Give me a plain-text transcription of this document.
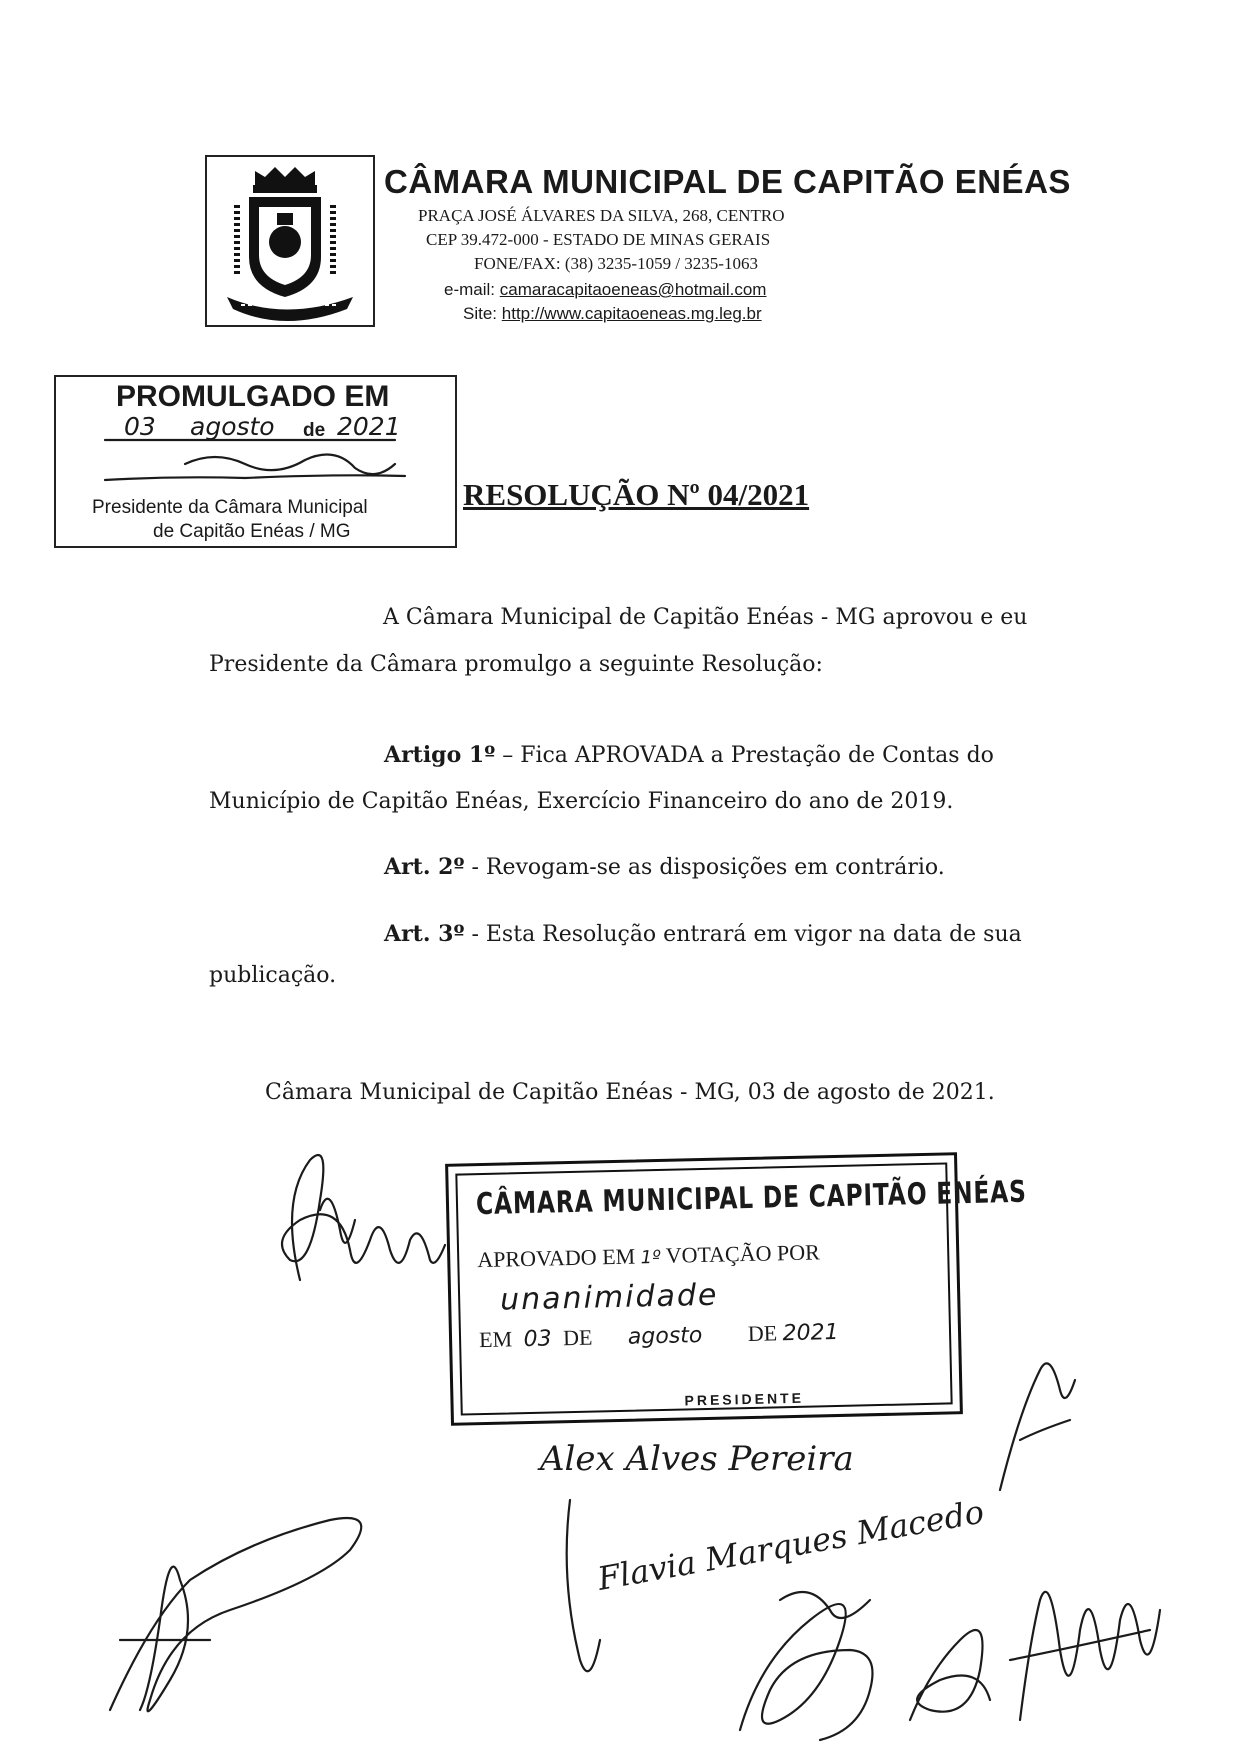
CÂMARA MUNICIPAL DE CAPITÃO ENÉAS
PRAÇA JOSÉ ÁLVARES DA SILVA, 268, CENTRO
CEP 39.472-000 - ESTADO DE MINAS GERAIS
FONE/FAX: (38) 3235-1059 / 3235-1063
e-mail: camaracapitaoeneas@hotmail.com
Site: http://www.capitaoeneas.mg.leg.br
PROMULGADO EM
03 agosto de 2021
Presidente da Câmara Municipal
de Capitão Enéas / MG
RESOLUÇÃO Nº 04/2021
A Câmara Municipal de Capitão Enéas - MG aprovou e eu
Presidente da Câmara promulgo a seguinte Resolução:
Artigo 1º – Fica APROVADA a Prestação de Contas do
Município de Capitão Enéas, Exercício Financeiro do ano de 2019.
Art. 2º - Revogam-se as disposições em contrário.
Art. 3º - Esta Resolução entrará em vigor na data de sua
publicação.
Câmara Municipal de Capitão Enéas - MG, 03 de agosto de 2021.
CÂMARA MUNICIPAL DE CAPITÃO ENÉAS
APROVADO EM 1º VOTAÇÃO POR
unanimidade
EM 03 DE agosto DE 2021
PRESIDENTE
Alex Alves Pereira
Flavia Marques Macedo
